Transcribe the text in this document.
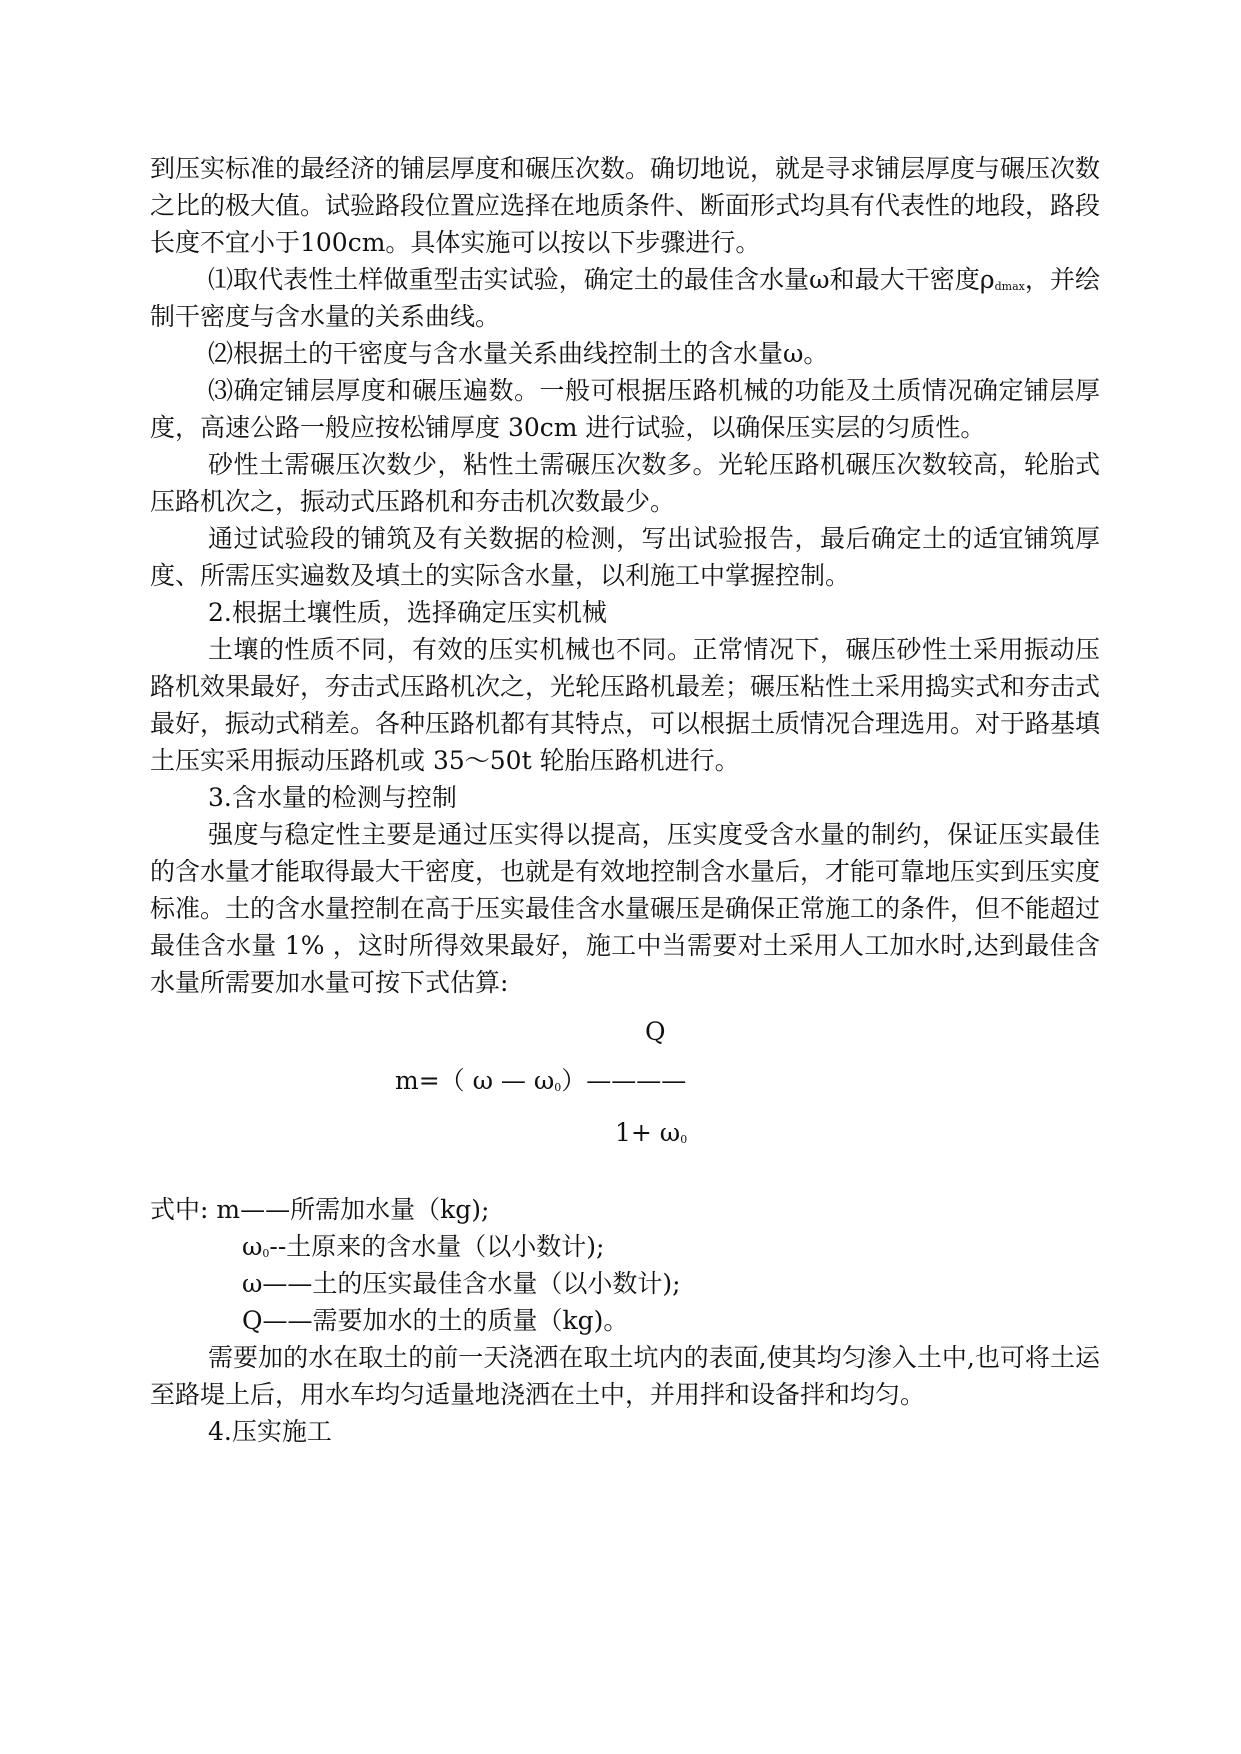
到压实标准的最经济的铺层厚度和碾压次数。确切地说，就是寻求铺层厚度与碾压次数之比的极大值。试验路段位置应选择在地质条件、断面形式均具有代表性的地段，路段长度不宜小于100cm。具体实施可以按以下步骤进行。

⑴取代表性土样做重型击实试验，确定土的最佳含水量ω和最大干密度$\rho_{dmax}$，并绘制干密度与含水量的关系曲线。

⑵根据土的干密度与含水量关系曲线控制土的含水量ω。

⑶确定铺层厚度和碾压遍数。一般可根据压路机械的功能及土质情况确定铺层厚度，高速公路一般应按松铺厚度 30cm 进行试验，以确保压实层的匀质性。

砂性土需碾压次数少，粘性土需碾压次数多。光轮压路机碾压次数较高，轮胎式压路机次之，振动式压路机和夯击机次数最少。

通过试验段的铺筑及有关数据的检测，写出试验报告，最后确定土的适宜铺筑厚度、所需压实遍数及填土的实际含水量，以利施工中掌握控制。

2.根据土壤性质，选择确定压实机械

土壤的性质不同，有效的压实机械也不同。正常情况下，碾压砂性土采用振动压路机效果最好，夯击式压路机次之，光轮压路机最差；碾压粘性土采用捣实式和夯击式最好，振动式稍差。各种压路机都有其特点，可以根据土质情况合理选用。对于路基填土压实采用振动压路机或 35～50t 轮胎压路机进行。

3.含水量的检测与控制

强度与稳定性主要是通过压实得以提高，压实度受含水量的制约，保证压实最佳的含水量才能取得最大干密度，也就是有效地控制含水量后，才能可靠地压实到压实度标准。土的含水量控制在高于压实最佳含水量碾压是确保正常施工的条件，但不能超过最佳含水量 1% ，这时所得效果最好，施工中当需要对土采用人工加水时,达到最佳含水量所需要加水量可按下式估算:

Q
m=（ ω — $\omega_0)————$
$1+ \omega_0$
式中: m——所需加水量（kg);
$\omega_0--$土原来的含水量（以小数计);
ω——土的压实最佳含水量（以小数计);
Q——需要加水的土的质量（kg)。

需要加的水在取土的前一天浇洒在取土坑内的表面,使其均匀渗入土中,也可将土运至路堤上后，用水车均匀适量地浇洒在土中，并用拌和设备拌和均匀。

4.压实施工
